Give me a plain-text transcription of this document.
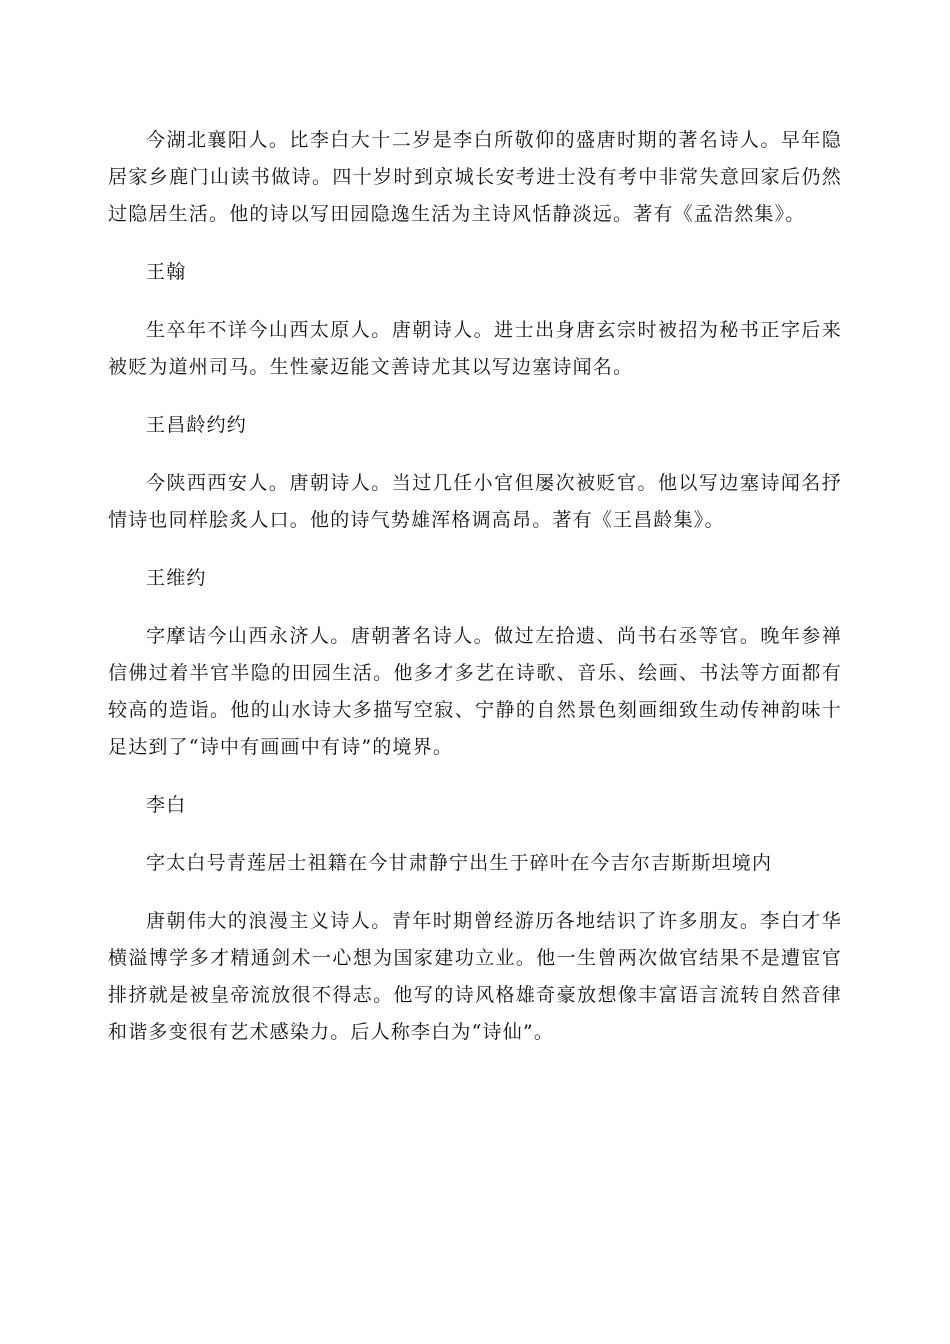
今湖北襄阳人。比李白大十二岁是李白所敬仰的盛唐时期的著名诗人。早年隐居家乡鹿门山读书做诗。四十岁时到京城长安考进士没有考中非常失意回家后仍然过隐居生活。他的诗以写田园隐逸生活为主诗风恬静淡远。著有《孟浩然集》。

王翰

生卒年不详今山西太原人。唐朝诗人。进士出身唐玄宗时被招为秘书正字后来被贬为道州司马。生性豪迈能文善诗尤其以写边塞诗闻名。

王昌龄约约

今陕西西安人。唐朝诗人。当过几任小官但屡次被贬官。他以写边塞诗闻名抒情诗也同样脍炙人口。他的诗气势雄浑格调高昂。著有《王昌龄集》。

王维约

字摩诘今山西永济人。唐朝著名诗人。做过左拾遗、尚书右丞等官。晚年参禅信佛过着半官半隐的田园生活。他多才多艺在诗歌、音乐、绘画、书法等方面都有较高的造诣。他的山水诗大多描写空寂、宁静的自然景色刻画细致生动传神韵味十足达到了“诗中有画画中有诗”的境界。

李白

字太白号青莲居士祖籍在今甘肃静宁出生于碎叶在今吉尔吉斯斯坦境内

唐朝伟大的浪漫主义诗人。青年时期曾经游历各地结识了许多朋友。李白才华横溢博学多才精通剑术一心想为国家建功立业。他一生曾两次做官结果不是遭宦官排挤就是被皇帝流放很不得志。他写的诗风格雄奇豪放想像丰富语言流转自然音律和谐多变很有艺术感染力。后人称李白为“诗仙”。
